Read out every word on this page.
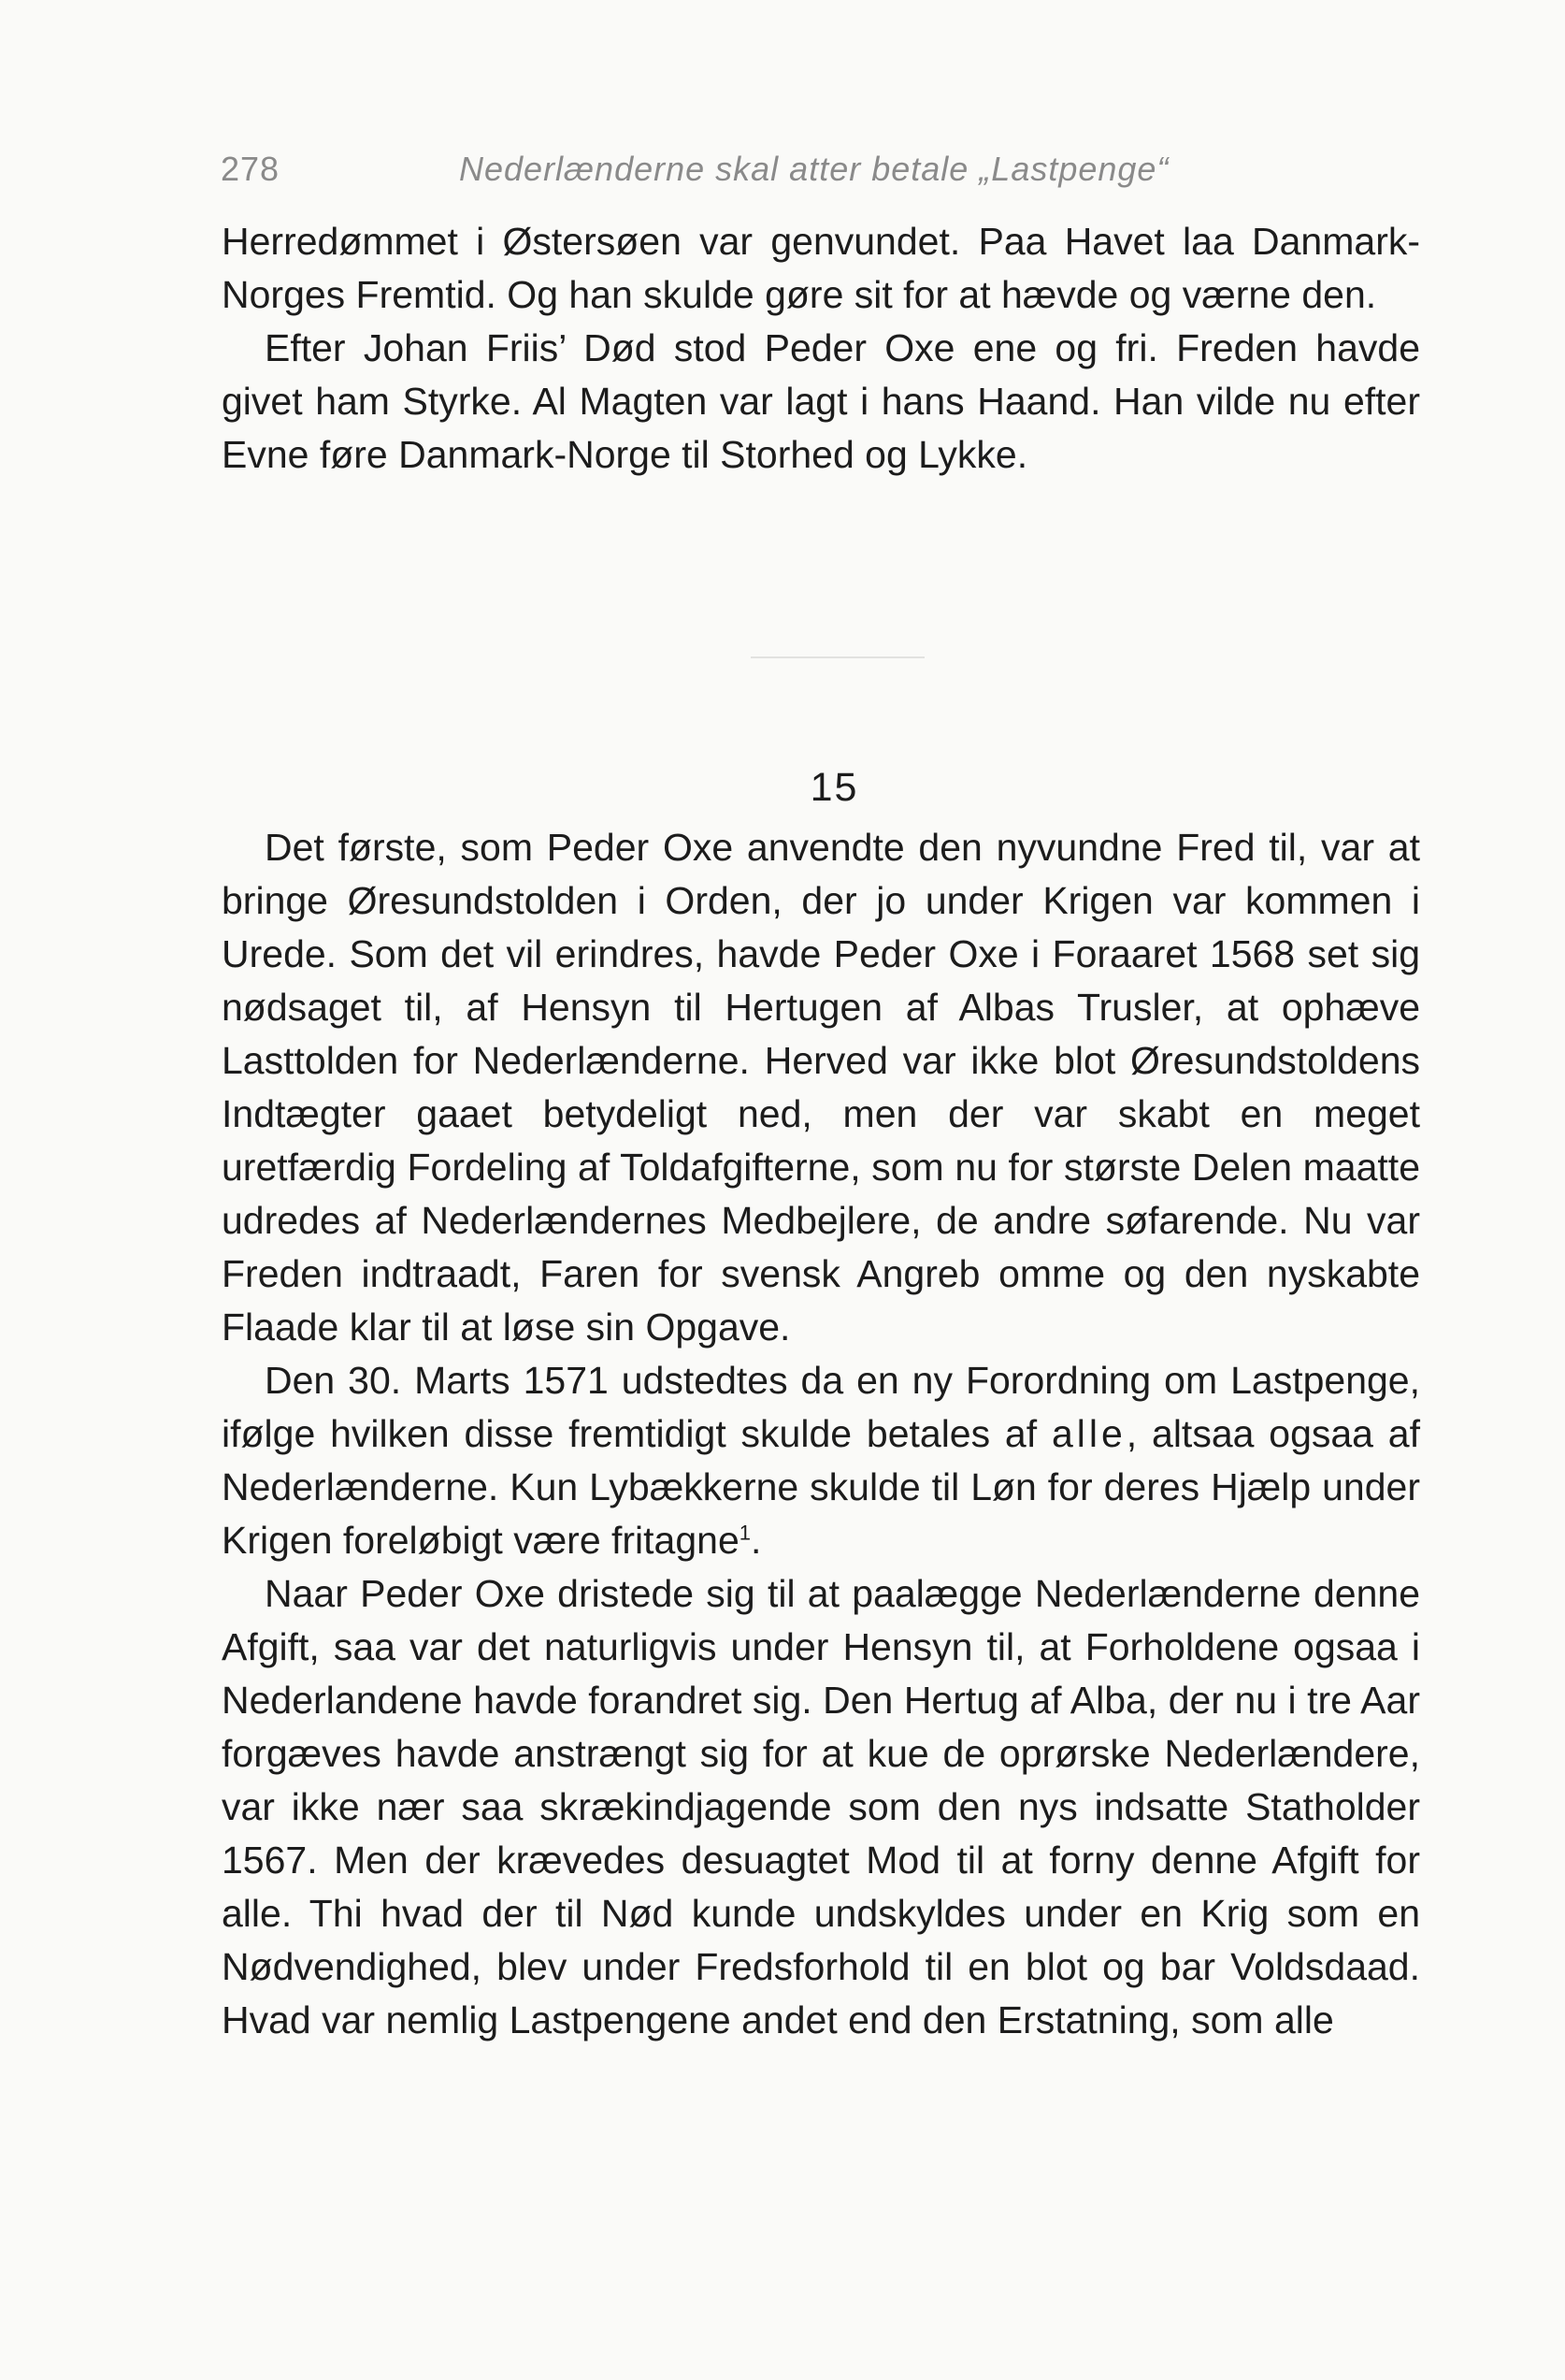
278	Nederlænderne skal atter betale „Lastpenge“

Herredømmet i Østersøen var genvundet. Paa Havet laa Danmark-Norges Fremtid. Og han skulde gøre sit for at hævde og værne den.

Efter Johan Friis’ Død stod Peder Oxe ene og fri. Freden havde givet ham Styrke. Al Magten var lagt i hans Haand. Han vilde nu efter Evne føre Danmark-Norge til Storhed og Lykke.

15

Det første, som Peder Oxe anvendte den nyvundne Fred til, var at bringe Øresundstolden i Orden, der jo under Krigen var kommen i Urede. Som det vil erindres, havde Peder Oxe i Foraaret 1568 set sig nødsaget til, af Hensyn til Hertugen af Albas Trusler, at ophæve Lasttolden for Nederlænderne. Herved var ikke blot Øresundstoldens Indtægter gaaet betydeligt ned, men der var skabt en meget uretfærdig Fordeling af Toldafgifterne, som nu for største Delen maatte udredes af Nederlændernes Medbejlere, de andre søfarende. Nu var Freden indtraadt, Faren for svensk Angreb omme og den nyskabte Flaade klar til at løse sin Opgave.

Den 30. Marts 1571 udstedtes da en ny Forordning om Lastpenge, ifølge hvilken disse fremtidigt skulde betales af alle, altsaa ogsaa af Nederlænderne. Kun Lybækkerne skulde til Løn for deres Hjælp under Krigen foreløbigt være fritagne$^1$.

Naar Peder Oxe dristede sig til at paalægge Nederlænderne denne Afgift, saa var det naturligvis under Hensyn til, at Forholdene ogsaa i Nederlandene havde forandret sig. Den Hertug af Alba, der nu i tre Aar forgæves havde anstrængt sig for at kue de oprørske Nederlændere, var ikke nær saa skrækindjagende som den nys indsatte Statholder 1567. Men der krævedes desuagtet Mod til at forny denne Afgift for alle. Thi hvad der til Nød kunde undskyldes under en Krig som en Nødvendighed, blev under Fredsforhold til en blot og bar Voldsdaad. Hvad var nemlig Lastpengene andet end den Erstatning, som alle
